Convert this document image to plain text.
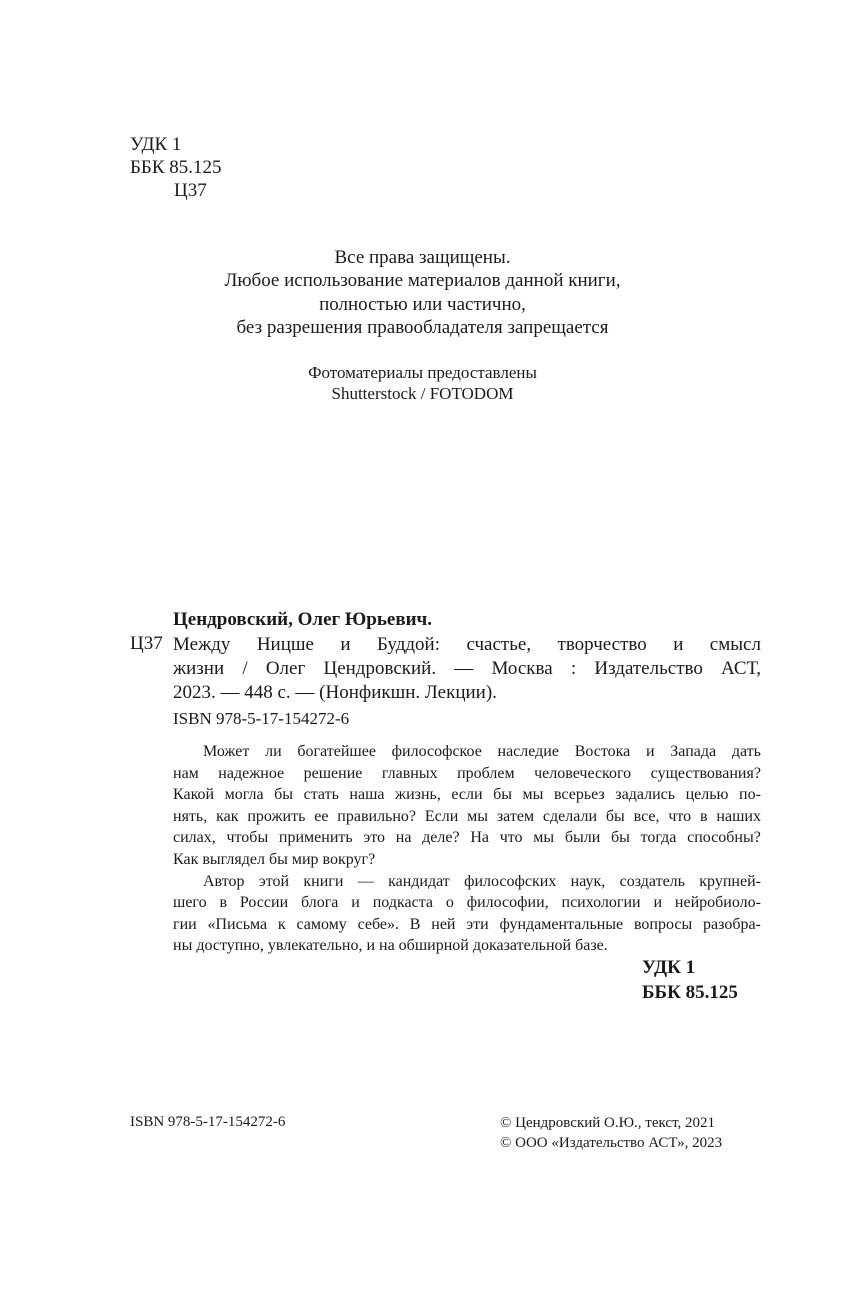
УДК 1
ББК 85.125
Ц37
Все права защищены.
Любое использование материалов данной книги,
полностью или частично,
без разрешения правообладателя запрещается
Фотоматериалы предоставлены
Shutterstock / FOTODOM
Цендровский, Олег Юрьевич.
Ц37 Между Ницше и Буддой: счастье, творчество и смысл
жизни / Олег Цендровский. — Москва : Издательство АСТ,
2023. — 448 с. — (Нонфикшн. Лекции).
ISBN 978-5-17-154272-6
Может ли богатейшее философское наследие Востока и Запада дать
нам надежное решение главных проблем человеческого существования?
Какой могла бы стать наша жизнь, если бы мы всерьез задались целью по-
нять, как прожить ее правильно? Если мы затем сделали бы все, что в наших
силах, чтобы применить это на деле? На что мы были бы тогда способны?
Как выглядел бы мир вокруг?
Автор этой книги — кандидат философских наук, создатель крупней-
шего в России блога и подкаста о философии, психологии и нейробиоло-
гии «Письма к самому себе». В ней эти фундаментальные вопросы разобра-
ны доступно, увлекательно, и на обширной доказательной базе.
УДК 1
ББК 85.125
ISBN 978-5-17-154272-6	© Цендровский О.Ю., текст, 2021
© ООО «Издательство АСТ», 2023
